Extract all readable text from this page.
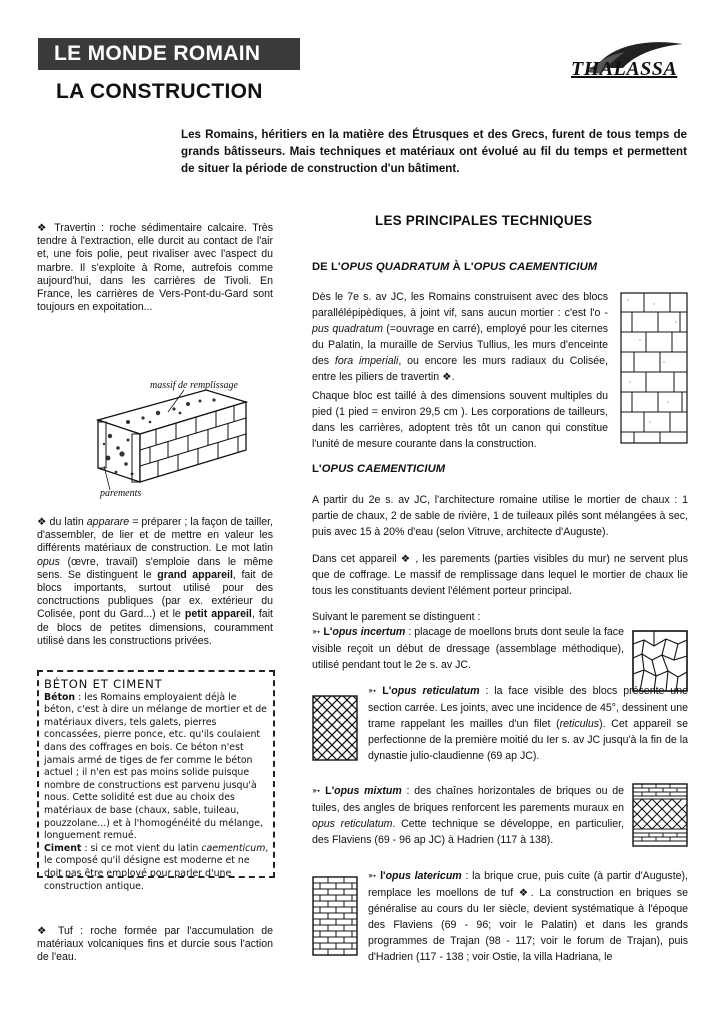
LE MONDE ROMAIN
LA CONSTRUCTION
THALASSA
Les Romains, héritiers en la matière des Étrusques et des Grecs, furent de tous temps de grands bâtisseurs. Mais techniques et matériaux ont évolué au fil du temps et permettent de situer la période de construction d'un bâtiment.
❖ Travertin : roche sédimentaire calcaire. Très tendre à l'extraction, elle durcit au contact de l'air et, une fois polie, peut rivaliser avec l'aspect du marbre. Il s'exploite à Rome, autrefois comme aujourd'hui, dans les carrières de Tivoli. En France, les carrières de Vers-Pont-du-Gard sont toujours en expoitation...
massif de remplissage
parements
❖ du latin apparare = préparer ; la façon de tailler, d'assembler, de lier et de mettre en valeur les différents matériaux de construction. Le mot latin opus (œvre, travail) s'emploie dans le même sens. Se distinguent le grand appareil, fait de blocs importants, surtout utilisé pour des conctructions publiques (par ex. extérieur du Colisée, pont du Gard...) et le petit appareil, fait de blocs de petites dimensions, couramment utilisé dans les constructions privées.
BÉTON ET CIMENT
Béton : les Romains employaient déjà le béton, c'est à dire un mélange de mortier et de matériaux divers, tels galets, pierres concassées, pierre ponce, etc. qu'ils coulaient dans des coffrages en bois. Ce béton n'est jamais armé de tiges de fer comme le béton actuel ; il n'en est pas moins solide puisque nombre de constructions est parvenu jusqu'à nous. Cette solidité est due au choix des matériaux de base (chaux, sable, tuileau, pouzzolane...) et à l'homogénéité du mélange, longuement remué.
Ciment : si ce mot vient du latin caementicum, le composé qu'il désigne est moderne et ne doit pas être employé pour parler d'une construction antique.
❖ Tuf : roche formée par l'accumulation de matériaux volcaniques fins et durcie sous l'action de l'eau.
LES PRINCIPALES TECHNIQUES
DE L'OPUS QUADRATUM À L'OPUS CAEMENTICIUM
Dès le 7e s. av JC, les Romains construisent avec des blocs parallélépipèdiques, à joint vif, sans aucun mortier : c'est l'o - pus quadratum (=ouvrage en carré), employé pour les citernes du Palatin, la muraille de Servius Tullius, les murs d'enceinte des fora imperiali, ou encore les murs radiaux du Colisée, entre les piliers de travertin ❖.
Chaque bloc est taillé à des dimensions souvent multiples du pied (1 pied = environ 29,5 cm ). Les corporations de tailleurs, dans les carrières, adoptent très tôt un canon qui constitue l'unité de mesure courante dans la construction.
L'OPUS CAEMENTICIUM
A partir du 2e s. av JC, l'architecture romaine utilise le mortier de chaux : 1 partie de chaux, 2 de sable de rivière, 1 de tuileaux pilés sont mélangées à sec, puis avec 15 à 20% d'eau (selon Vitruve, architecte d'Auguste).
Dans cet appareil ❖ , les parements (parties visibles du mur) ne servent plus que de coffrage. Le massif de remplissage dans lequel le mortier de chaux lie tous les constituants devient l'élément porteur principal.
Suivant le parement se distinguent :
➳ L'opus incertum : placage de moellons bruts dont seule la face visible reçoit un début de dressage (assemblage méthodique), utilisé pendant tout le 2e s. av JC.
➳ L'opus reticulatum : la face visible des blocs présente une section carrée. Les joints, avec une incidence de 45°, dessinent une trame rappelant les mailles d'un filet (reticulus). Cet appareil se perfectionne de la première moitié du Ier s. av JC jusqu'à la fin de la dynastie julio-claudienne (69 ap JC).
➳ L'opus mixtum : des chaînes horizontales de briques ou de tuiles, des angles de briques renforcent les parements muraux en opus reticulatum. Cette technique se développe, en particulier, des Flaviens (69 - 96 ap JC) à Hadrien (117 à 138).
➳ l'opus latericum : la brique crue, puis cuite (à partir d'Auguste), remplace les moellons de tuf ❖. La construction en briques se généralise au cours du Ier siècle, devient systématique à l'époque des Flaviens (69 - 96; voir le Palatin) et dans les grands programmes de Trajan (98 - 117; voir le forum de Trajan), puis d'Hadrien (117 - 138 ; voir Ostie, la villa Hadriana, le
